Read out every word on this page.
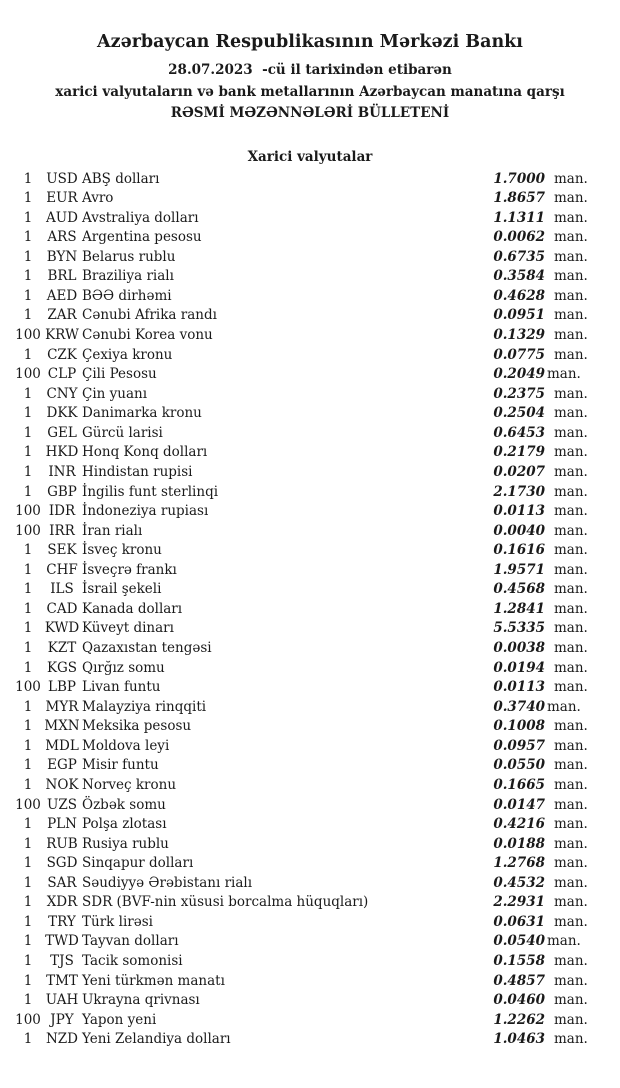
Azərbaycan Respublikasının Mərkəzi Bankı
28.07.2023  -cü il tarixindən etibarən
xarici valyutaların və bank metallarının Azərbaycan manatına qarşı
RƏSMİ MƏZƏNNƏLƏRİ BÜLLETENİ
Xarici valyutalar
1	USD ABŞ dolları	1.7000 man.
1	EUR Avro	1.8657 man.
1	AUD Avstraliya dolları	1.1311 man.
1	ARS Argentina pesosu	0.0062 man.
1	BYN Belarus rublu	0.6735 man.
1	BRL Braziliya rialı	0.3584 man.
1	AED BƏƏ dirhəmi	0.4628 man.
1	ZAR Cənubi Afrika randı	0.0951 man.
100 KRW Cənubi Korea vonu	0.1329 man.
1	CZK Çexiya kronu	0.0775 man.
100 CLP Çili Pesosu	0.2049 man.
1	CNY Çin yuanı	0.2375 man.
1	DKK Danimarka kronu	0.2504 man.
1	GEL Gürcü larisi	0.6453 man.
1 HKD Honq Konq dolları	0.2179 man.
1	INR Hindistan rupisi	0.0207 man.
1	GBP İngilis funt sterlinqi	2.1730 man.
100 IDR İndoneziya rupiası	0.0113 man.
100 IRR İran rialı	0.0040 man.
1	SEK İsveç kronu	0.1616 man.
1	CHF İsveçrə frankı	1.9571 man.
1	ILS İsrail şekeli	0.4568 man.
1	CAD Kanada dolları	1.2841 man.
1 KWD Küveyt dinarı	5.5335 man.
1	KZT Qazaxıstan tengəsi	0.0038 man.
1	KGS Qırğız somu	0.0194 man.
100 LBP Livan funtu	0.0113 man.
1 MYR Malayziya rinqqiti	0.3740 man.
1 MXN Meksika pesosu	0.1008 man.
1 MDL Moldova leyi	0.0957 man.
1	EGP Misir funtu	0.0550 man.
1 NOK Norveç kronu	0.1665 man.
100 UZS Özbək somu	0.0147 man.
1	PLN Polşa zlotası	0.4216 man.
1	RUB Rusiya rublu	0.0188 man.
1	SGD Sinqapur dolları	1.2768 man.
1	SAR Səudiyyə Ərəbistanı rialı	0.4532 man.
1	XDR SDR (BVF-nin xüsusi borcalma hüquqları)	2.2931 man.
1	TRY Türk lirəsi	0.0631 man.
1 TWD Tayvan dolları	0.0540 man.
1	TJS Tacik somonisi	0.1558 man.
1	TMT Yeni türkmən manatı	0.4857 man.
1 UAH Ukrayna qrivnası	0.0460 man.
100 JPY Yapon yeni	1.2262 man.
1	NZD Yeni Zelandiya dolları	1.0463 man.
